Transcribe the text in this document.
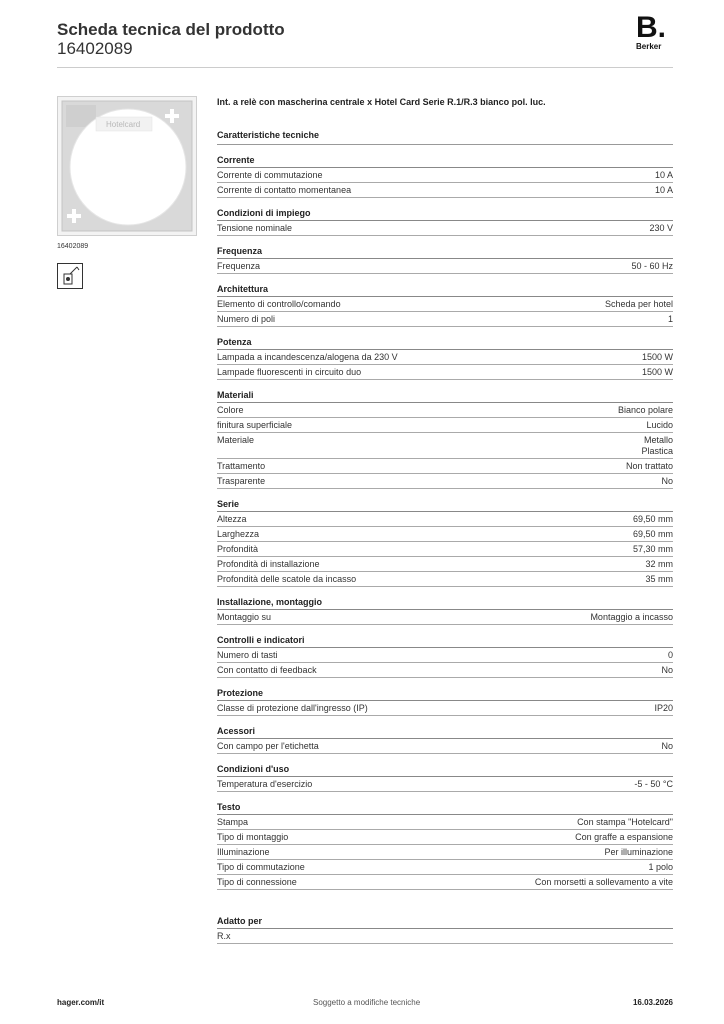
Scheda tecnica del prodotto
16402089
B.
Berker
Hotelcard
16402089
Int. a relè con mascherina centrale x Hotel Card Serie R.1/R.3 bianco pol. luc.
Caratteristiche tecniche
Corrente
Corrente di commutazione	10 A
Corrente di contatto momentanea	10 A
Condizioni di impiego
Tensione nominale	230 V
Frequenza
Frequenza	50 - 60 Hz
Architettura
Elemento di controllo/comando	Scheda per hotel
Numero di poli	1
Potenza
Lampada a incandescenza/alogena da 230 V	1500 W
Lampade fluorescenti in circuito duo	1500 W
Materiali
Colore	Bianco polare
finitura superficiale	Lucido
Materiale	Metallo
Plastica
Trattamento	Non trattato
Trasparente	No
Serie
Altezza	69,50 mm
Larghezza	69,50 mm
Profondità	57,30 mm
Profondità di installazione	32 mm
Profondità delle scatole da incasso	35 mm
Installazione, montaggio
Montaggio su	Montaggio a incasso
Controlli e indicatori
Numero di tasti	0
Con contatto di feedback	No
Protezione
Classe di protezione dall'ingresso (IP)	IP20
Acessori
Con campo per l'etichetta	No
Condizioni d'uso
Temperatura d'esercizio	-5 - 50 °C
Testo
Stampa	Con stampa "Hotelcard"
Tipo di montaggio	Con graffe a espansione
Illuminazione	Per illuminazione
Tipo di commutazione	1 polo
Tipo di connessione	Con morsetti a sollevamento a vite
Adatto per
R.x
hager.com/it	Soggetto a modifiche tecniche	16.03.2026
